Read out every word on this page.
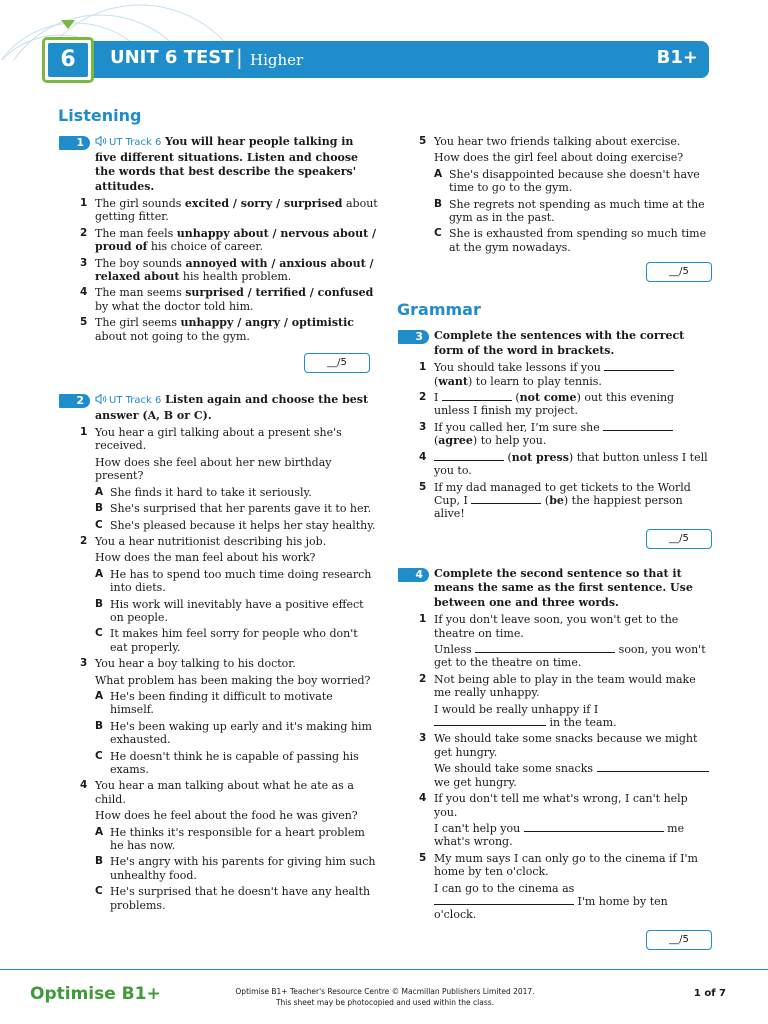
6	UNIT 6 TEST | Higher	B1+
Listening
1	UT Track 6 You will hear people talking in five different situations. Listen and choose the words that best describe the speakers' attitudes.
1 The girl sounds excited / sorry / surprised about getting fitter.
2 The man feels unhappy about / nervous about / proud of his choice of career.
3 The boy sounds annoyed with / anxious about / relaxed about his health problem.
4 The man seems surprised / terrified / confused by what the doctor told him.
5 The girl seems unhappy / angry / optimistic about not going to the gym.
__/5
2	UT Track 6 Listen again and choose the best answer (A, B or C).
1 You hear a girl talking about a present she's received.
How does she feel about her new birthday present?
A She finds it hard to take it seriously.
B She's surprised that her parents gave it to her.
C She's pleased because it helps her stay healthy.
2 You a hear nutritionist describing his job.
How does the man feel about his work?
A He has to spend too much time doing research into diets.
B His work will inevitably have a positive effect on people.
C It makes him feel sorry for people who don't eat properly.
3 You hear a boy talking to his doctor.
What problem has been making the boy worried?
A He's been finding it difficult to motivate himself.
B He's been waking up early and it's making him exhausted.
C He doesn't think he is capable of passing his exams.
4 You hear a man talking about what he ate as a child.
How does he feel about the food he was given?
A He thinks it's responsible for a heart problem he has now.
B He's angry with his parents for giving him such unhealthy food.
C He's surprised that he doesn't have any health problems.
5 You hear two friends talking about exercise.
How does the girl feel about doing exercise?
A She's disappointed because she doesn't have time to go to the gym.
B She regrets not spending as much time at the gym as in the past.
C She is exhausted from spending so much time at the gym nowadays.
__/5
Grammar
3	Complete the sentences with the correct form of the word in brackets.
1 You should take lessons if you  (want) to learn to play tennis.
2 I	(not come) out this evening unless I finish my project.
3 If you called her, I’m sure she  (agree) to help you.
4	(not press) that button unless I tell you to.
5 If my dad managed to get tickets to the World Cup, I	(be) the happiest person alive!
__/5
4	Complete the second sentence so that it means the same as the first sentence. Use between one and three words.
1 If you don't leave soon, you won't get to the theatre on time.
Unless	soon, you won't get to the theatre on time.
2 Not being able to play in the team would make me really unhappy.
I would be really unhappy if I  in the team.
3 We should take some snacks because we might get hungry.
We should take some snacks  we get hungry.
4 If you don't tell me what's wrong, I can't help you.
I can't help you	me what's wrong.
5 My mum says I can only go to the cinema if I'm home by ten o'clock.
I can go to the cinema as  I'm home by ten o'clock.
__/5
Optimise B1+	Optimise B1+ Teacher's Resource Centre © Macmillan Publishers Limited 2017.
This sheet may be photocopied and used within the class.
1 of 7
